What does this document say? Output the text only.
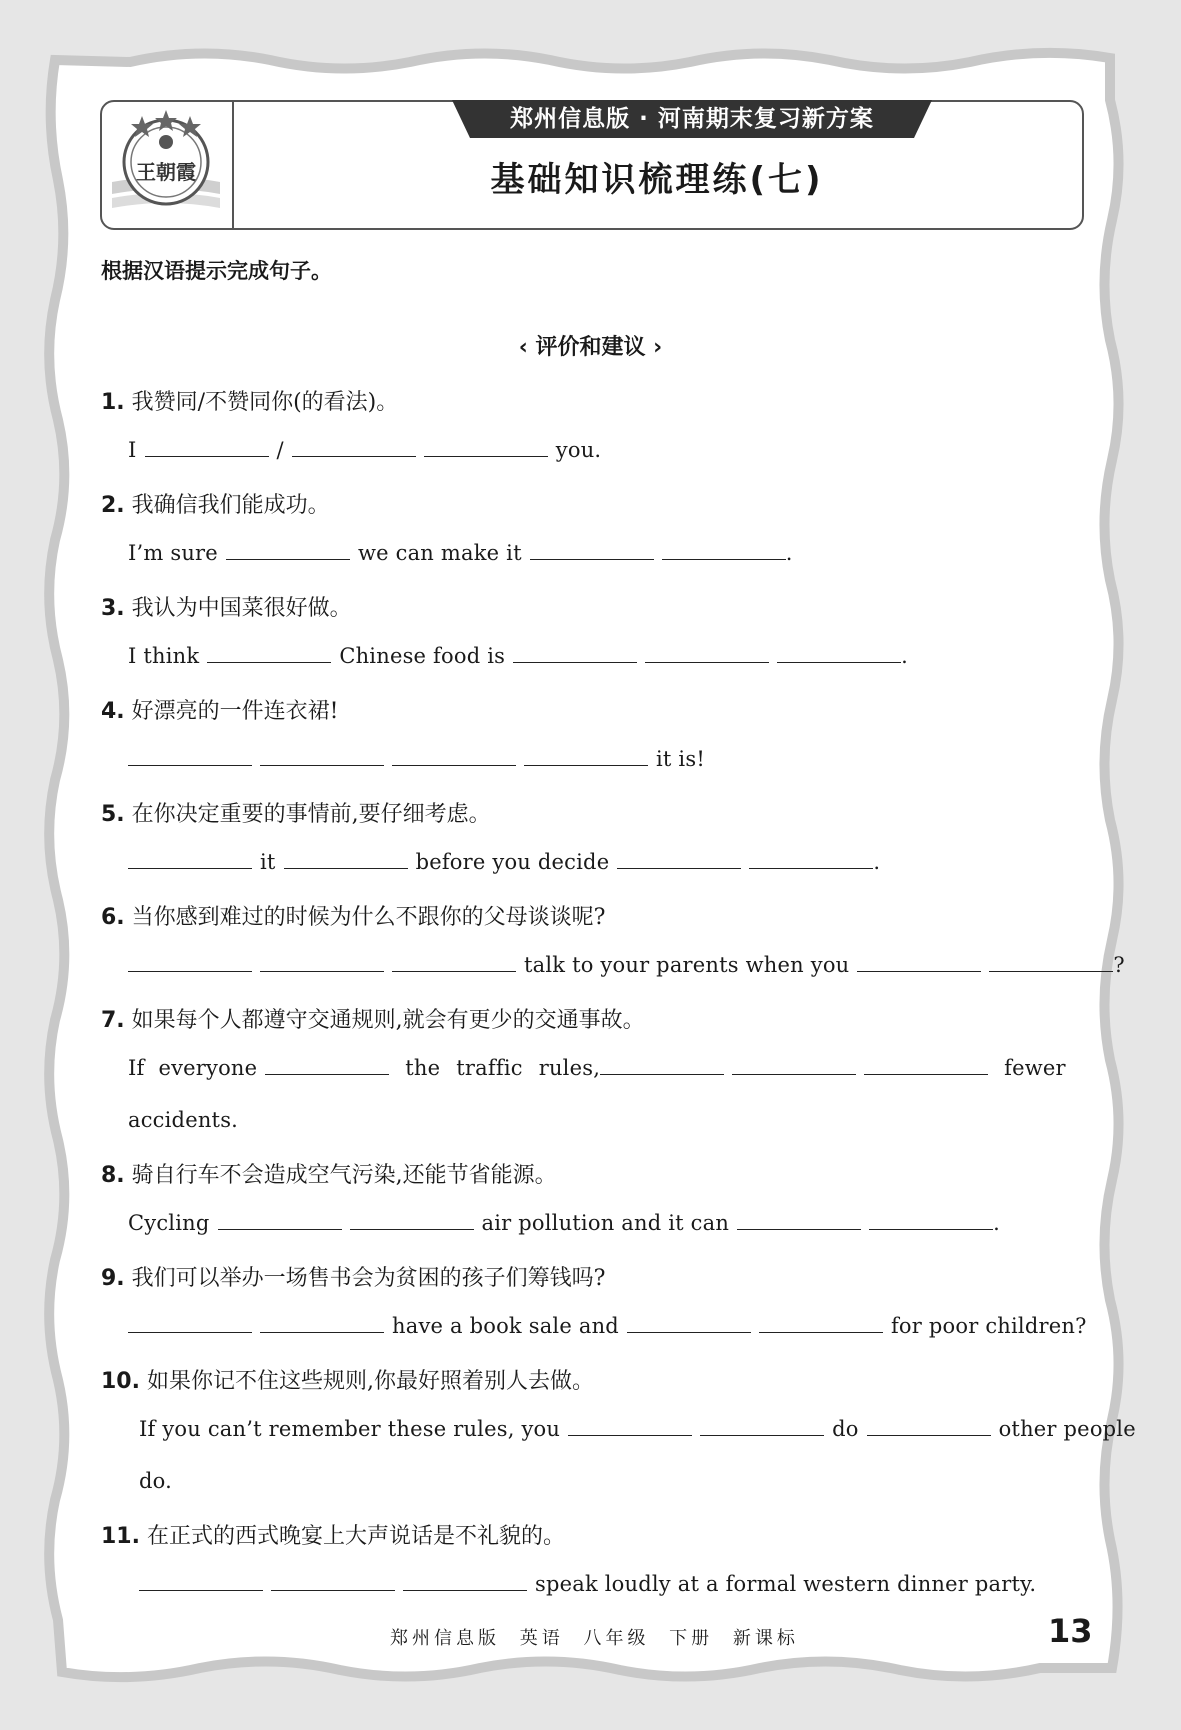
王朝霞
郑州信息版 · 河南期末复习新方案
基础知识梳理练(七)
根据汉语提示完成句子。
‹ 评价和建议 ›
1. 我赞同/不赞同你(的看法)。
I	/	you.
2. 我确信我们能成功。
I’m sure	we can make it	.
3. 我认为中国菜很好做。
I think	Chinese food is	.
4. 好漂亮的一件连衣裙!
it is!
5. 在你决定重要的事情前,要仔细考虑。
it	before you decide	.
6. 当你感到难过的时候为什么不跟你的父母谈谈呢?
talk to your parents when you	?
7. 如果每个人都遵守交通规则,就会有更少的交通事故。
If everyone	the traffic rules,	fewer
accidents.
8. 骑自行车不会造成空气污染,还能节省能源。
Cycling	air pollution and it can	.
9. 我们可以举办一场售书会为贫困的孩子们筹钱吗?
have a book sale and	for poor children?
10. 如果你记不住这些规则,你最好照着别人去做。
If you can’t remember these rules, you	do	other people
do.
11. 在正式的西式晚宴上大声说话是不礼貌的。
speak loudly at a formal western dinner party.
郑州信息版 英语 八年级 下册 新课标	13
